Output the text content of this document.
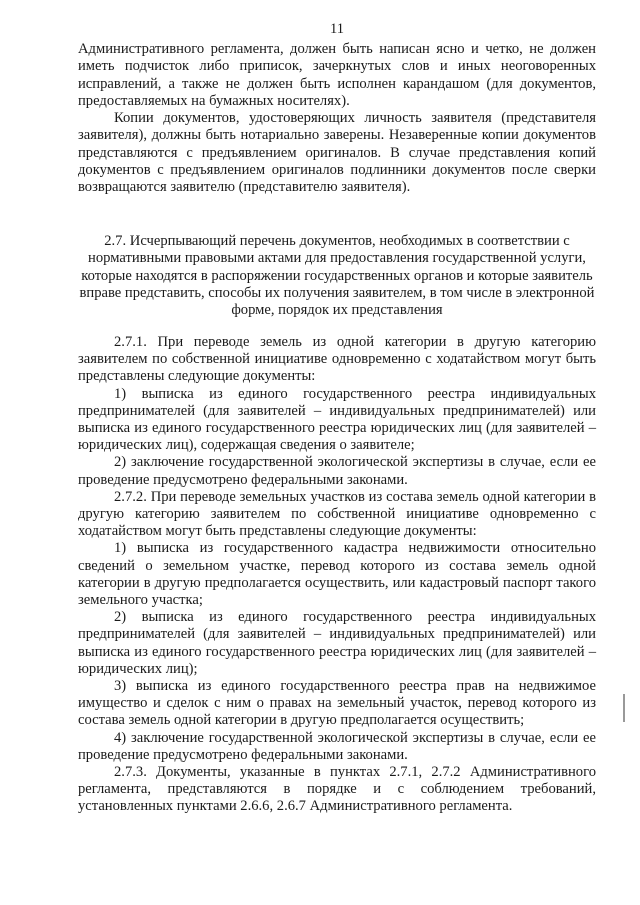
11

Административного регламента, должен быть написан ясно и четко, не должен иметь подчисток либо приписок, зачеркнутых слов и иных неоговоренных исправлений, а также не должен быть исполнен карандашом (для документов, предоставляемых на бумажных носителях).

Копии документов, удостоверяющих личность заявителя (представителя заявителя), должны быть нотариально заверены. Незаверенные копии документов представляются с предъявлением оригиналов. В случае представления копий документов с предъявлением оригиналов подлинники документов после сверки возвращаются заявителю (представителю заявителя).

2.7. Исчерпывающий перечень документов, необходимых в соответствии с нормативными правовыми актами для предоставления государственной услуги, которые находятся в распоряжении государственных органов и которые заявитель вправе представить, способы их получения заявителем, в том числе в электронной форме, порядок их представления

2.7.1. При переводе земель из одной категории в другую категорию заявителем по собственной инициативе одновременно с ходатайством могут быть представлены следующие документы:

1) выписка из единого государственного реестра индивидуальных предпринимателей (для заявителей – индивидуальных предпринимателей) или выписка из единого государственного реестра юридических лиц (для заявителей – юридических лиц), содержащая сведения о заявителе;

2) заключение государственной экологической экспертизы в случае, если ее проведение предусмотрено федеральными законами.

2.7.2. При переводе земельных участков из состава земель одной категории в другую категорию заявителем по собственной инициативе одновременно с ходатайством могут быть представлены следующие документы:

1) выписка из государственного кадастра недвижимости относительно сведений о земельном участке, перевод которого из состава земель одной категории в другую предполагается осуществить, или кадастровый паспорт такого земельного участка;

2) выписка из единого государственного реестра индивидуальных предпринимателей (для заявителей – индивидуальных предпринимателей) или выписка из единого государственного реестра юридических лиц (для заявителей – юридических лиц);

3) выписка из единого государственного реестра прав на недвижимое имущество и сделок с ним о правах на земельный участок, перевод которого из состава земель одной категории в другую предполагается осуществить;

4) заключение государственной экологической экспертизы в случае, если ее проведение предусмотрено федеральными законами.

2.7.3. Документы, указанные в пунктах 2.7.1, 2.7.2 Административного регламента, представляются в порядке и с соблюдением требований, установленных пунктами 2.6.6, 2.6.7 Административного регламента.
